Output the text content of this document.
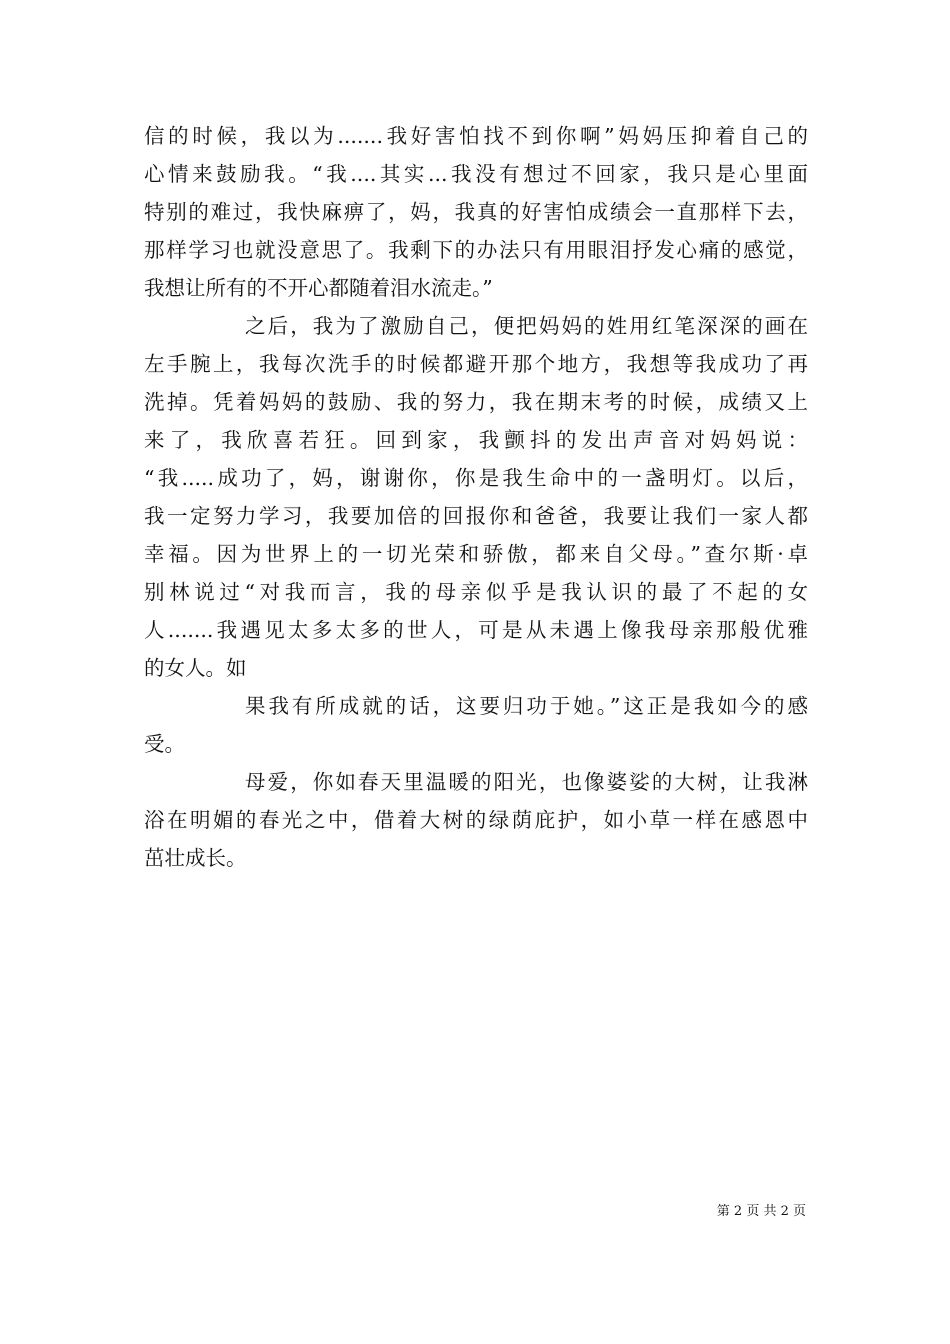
信的时候，我以为.......我好害怕找不到你啊”妈妈压抑着自己的
心情来鼓励我。“我....其实...我没有想过不回家，我只是心里面
特别的难过，我快麻痹了，妈，我真的好害怕成绩会一直那样下去，
那样学习也就没意思了。我剩下的办法只有用眼泪抒发心痛的感觉，
我想让所有的不开心都随着泪水流走。”
之后，我为了激励自己，便把妈妈的姓用红笔深深的画在
左手腕上，我每次洗手的时候都避开那个地方，我想等我成功了再
洗掉。凭着妈妈的鼓励、我的努力，我在期末考的时候，成绩又上
来了，我欣喜若狂。回到家，我颤抖的发出声音对妈妈说：
“我.....成功了，妈，谢谢你，你是我生命中的一盏明灯。以后，
我一定努力学习，我要加倍的回报你和爸爸，我要让我们一家人都
幸福。因为世界上的一切光荣和骄傲，都来自父母。”查尔斯·卓
别林说过“对我而言，我的母亲似乎是我认识的最了不起的女
人.......我遇见太多太多的世人，可是从未遇上像我母亲那般优雅
的女人。如
果我有所成就的话，这要归功于她。”这正是我如今的感
受。
母爱，你如春天里温暖的阳光，也像婆娑的大树，让我淋
浴在明媚的春光之中，借着大树的绿荫庇护，如小草一样在感恩中
茁壮成长。
第 2 页 共 2 页
